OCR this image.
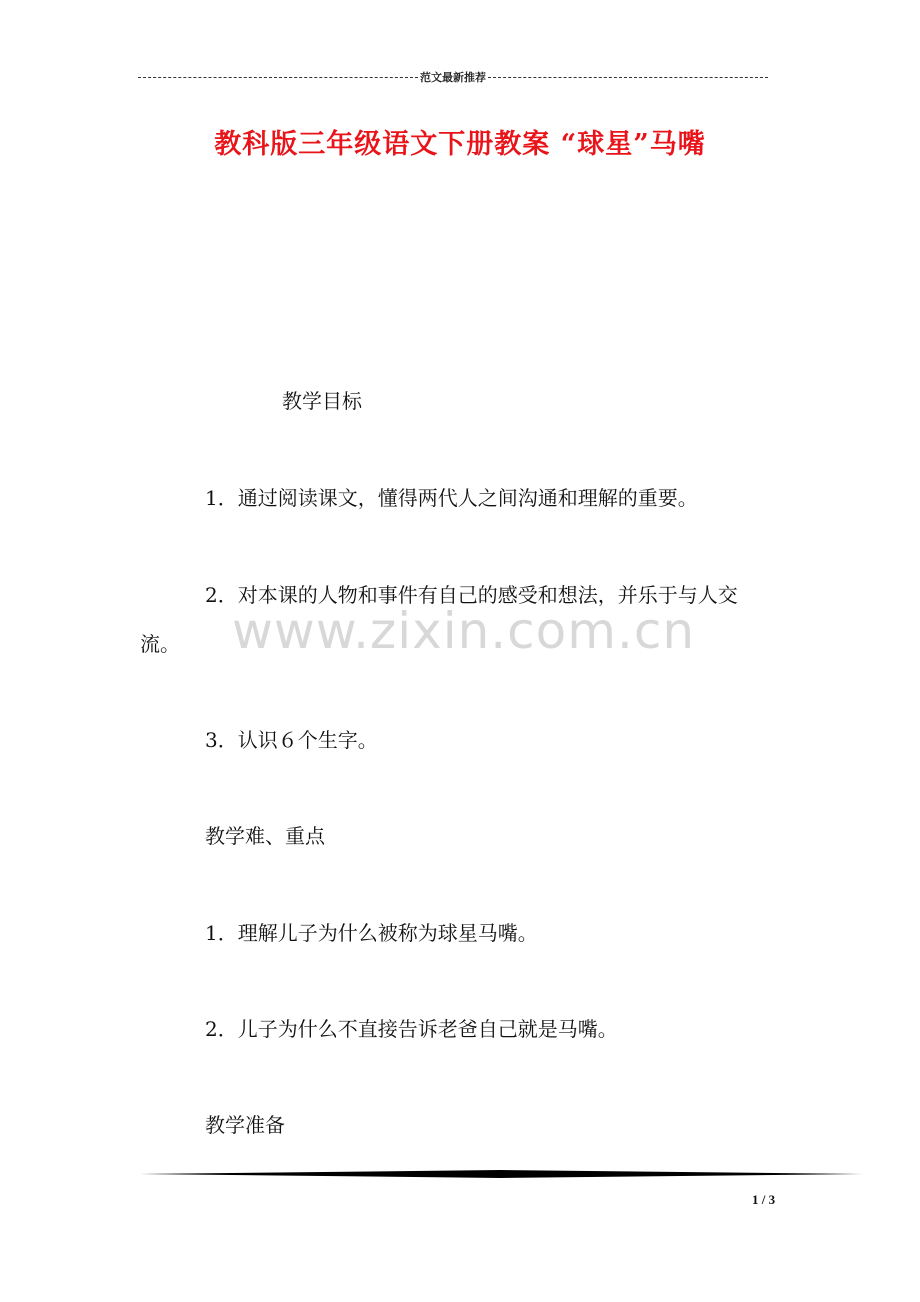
范文最新推荐
教科版三年级语文下册教案 “球星”马嘴
教学目标
1．通过阅读课文，懂得两代人之间沟通和理解的重要。
2．对本课的人物和事件有自己的感受和想法，并乐于与人交
流。
3．认识６个生字。
教学难、重点
1．理解儿子为什么被称为球星马嘴。
2．儿子为什么不直接告诉老爸自己就是马嘴。
教学准备
www.zixin.com.cn
1 / 3
